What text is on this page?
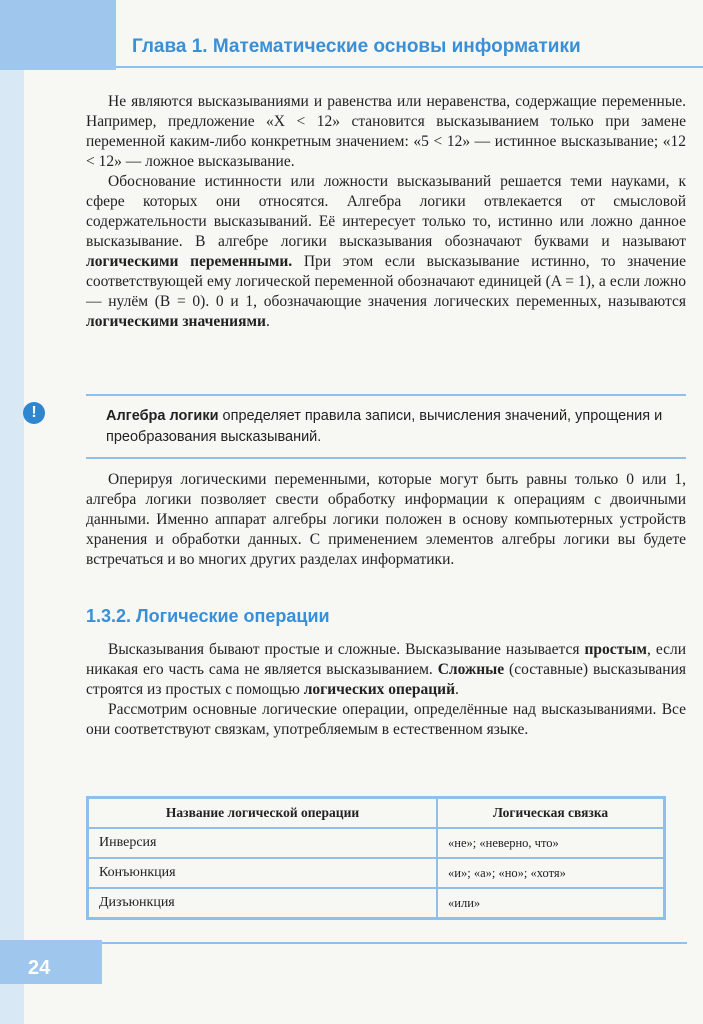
Глава 1. Математические основы информатики

Не являются высказываниями и равенства или неравенства, содержащие переменные. Например, предложение «X < 12» становится высказыванием только при замене переменной каким-либо конкретным значением: «5 < 12» — истинное высказывание; «12 < 12» — ложное высказывание.

Обоснование истинности или ложности высказываний решается теми науками, к сфере которых они относятся. Алгебра логики отвлекается от смысловой содержательности высказываний. Её интересует только то, истинно или ложно данное высказывание. В алгебре логики высказывания обозначают буквами и называют логическими переменными. При этом если высказывание истинно, то значение соответствующей ему логической переменной обозначают единицей (A = 1), а если ложно — нулём (B = 0). 0 и 1, обозначающие значения логических переменных, называются логическими значениями.

!	Алгебра логики определяет правила записи, вычисления значений, упрощения и преобразования высказываний.

Оперируя логическими переменными, которые могут быть равны только 0 или 1, алгебра логики позволяет свести обработку информации к операциям с двоичными данными. Именно аппарат алгебры логики положен в основу компьютерных устройств хранения и обработки данных. С применением элементов алгебры логики вы будете встречаться и во многих других разделах информатики.

1.3.2. Логические операции

Высказывания бывают простые и сложные. Высказывание называется простым, если никакая его часть сама не является высказыванием. Сложные (составные) высказывания строятся из простых с помощью логических операций.

Рассмотрим основные логические операции, определённые над высказываниями. Все они соответствуют связкам, употребляемым в естественном языке.

Название логической операции	Логическая связка
Инверсия	«не»; «неверно, что»
Конъюнкция	«и»; «а»; «но»; «хотя»
Дизъюнкция	«или»
24
